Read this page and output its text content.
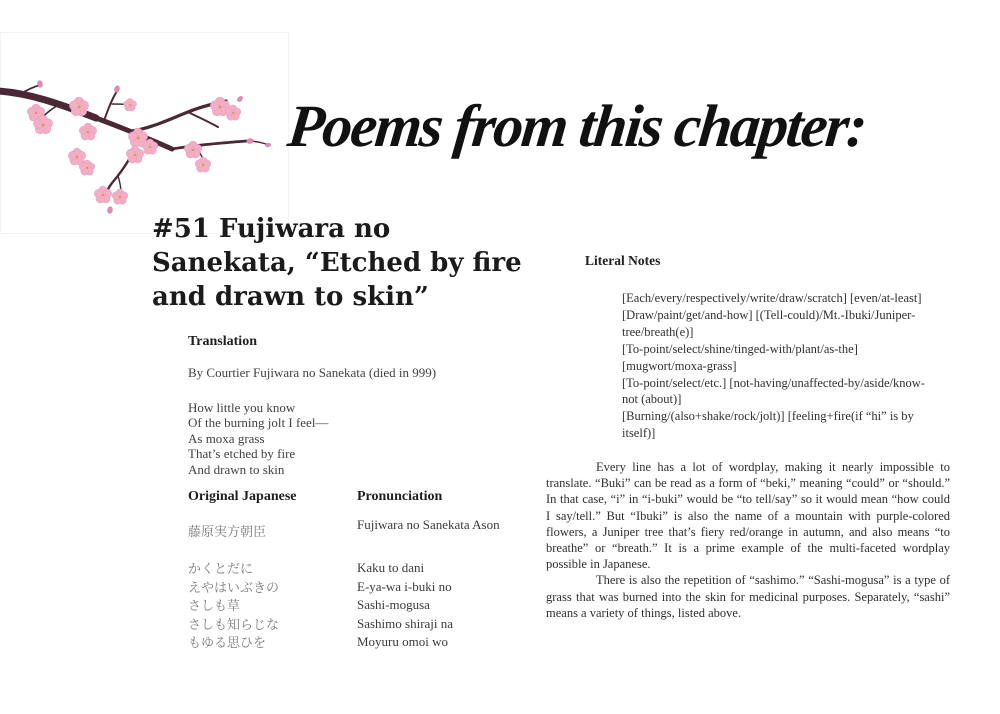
Poems from this chapter:
#51 Fujiwara no Sanekata, “Etched by fire and drawn to skin”
Translation
By Courtier Fujiwara no Sanekata (died in 999)
How little you know
Of the burning jolt I feel—
As moxa grass
That’s etched by fire
And drawn to skin
Original Japanese	Pronunciation
藤原実方朝臣
Fujiwara no Sanekata Ason
かくとだに
えやはいぶきの
さしも草
さしも知らじな
もゆる思ひを
Kaku to dani
E-ya-wa i-buki no
Sashi-mogusa
Sashimo shiraji na
Moyuru omoi wo
Literal Notes
[Each/every/respectively/write/draw/scratch] [even/at-least]
[Draw/paint/get/and-how] [(Tell-could)/Mt.-Ibuki/Juniper-
tree/breath(e)]
[To-point/select/shine/tinged-with/plant/as-the]
[mugwort/moxa-grass]
[To-point/select/etc.] [not-having/unaffected-by/aside/know-
not (about)]
[Burning/(also+shake/rock/jolt)] [feeling+fire(if “hi” is by
itself)]

Every line has a lot of wordplay, making it nearly impossible to translate. “Buki” can be read as a form of “beki,” meaning “could” or “should.” In that case, “i” in “i-buki” would be “to tell/say” so it would mean “how could I say/tell.” But “Ibuki” is also the name of a mountain with purple-colored flowers, a Juniper tree that’s fiery red/orange in autumn, and also means “to breathe” or “breath.” It is a prime example of the multi-faceted wordplay possible in Japanese.

There is also the repetition of “sashimo.” “Sashi-mogusa” is a type of grass that was burned into the skin for medicinal purposes. Separately, “sashi” means a variety of things, listed above.
